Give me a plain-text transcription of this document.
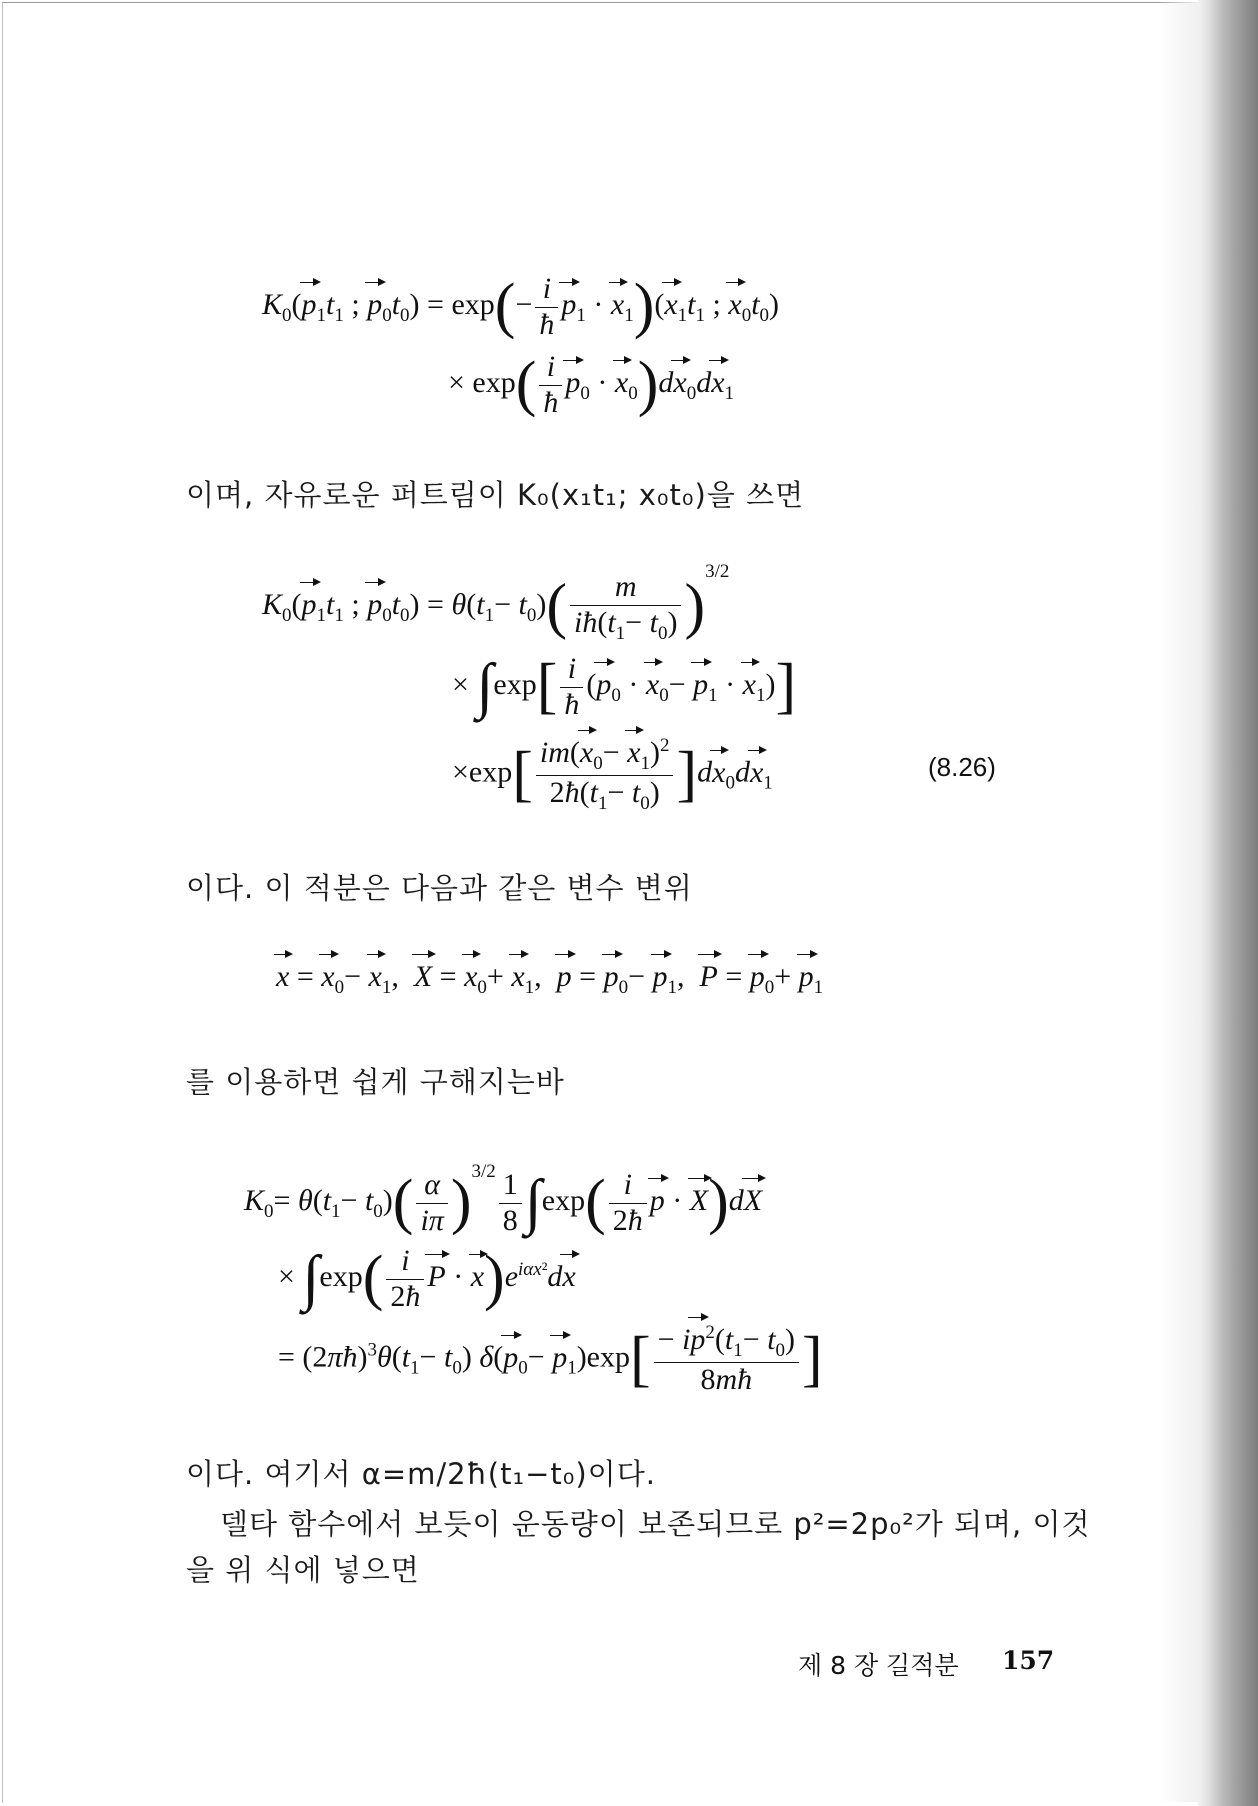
$K_0(p_1t_1$ ; $p_0t_0) = \exp(- \frac{i}{ħ} p_1 \cdot x_1)(x_1t_1$ ; $x_0t_0$)
× $\exp( \frac{i}{ħ} p_0 \cdot x_0)dx_0dx_1$
이며, 자유로운 퍼트림이 K₀(x₁t₁; x₀t₀)을 쓰면
$K_0(p_1t_1$ ; $p_0t_0) = \theta(t_1- t_0)( \frac{m}{iħ(t_1- t_0)} )^{3/2}$
× $\int\exp[ \frac{i}{ħ} (p_0 \cdot x_0- p_1 \cdot x_1)]$
$\times\exp[ \frac{im(x_0- x_1)^2}{2ħ(t_1- t_0)} ]dx_0dx_1$
(8.26)
이다. 이 적분은 다음과 같은 변수 변위
$x = x_0- x_1$,  $X = x_0+ x_1$,  $p = p_0- p_1$,  $P = p_0+ p_1$
를 이용하면 쉽게 구해지는바
$K_0= \theta(t_1- t_0)( \frac{\alpha}{i\pi} )^{3/2} \frac{1}{8} \int\exp( \frac{i}{2ħ}$ p · X)dX
× $\int\exp( \frac{i}{2ħ}$ $P \cdot x)e^{i\alpha x^2}dx$
= $(2\pi ħ)^3\theta(t_1- t_0)$ $\delta(p_0- p_1)\exp[ \frac{- ip^2(t_1- t_0)}{8mħ}$ ]
이다. 여기서 α=m/2ħ(t₁−t₀)이다.
델타 함수에서 보듯이 운동량이 보존되므로 p²=2p₀²가 되며, 이것
을 위 식에 넣으면
제 8 장 길적분 157
